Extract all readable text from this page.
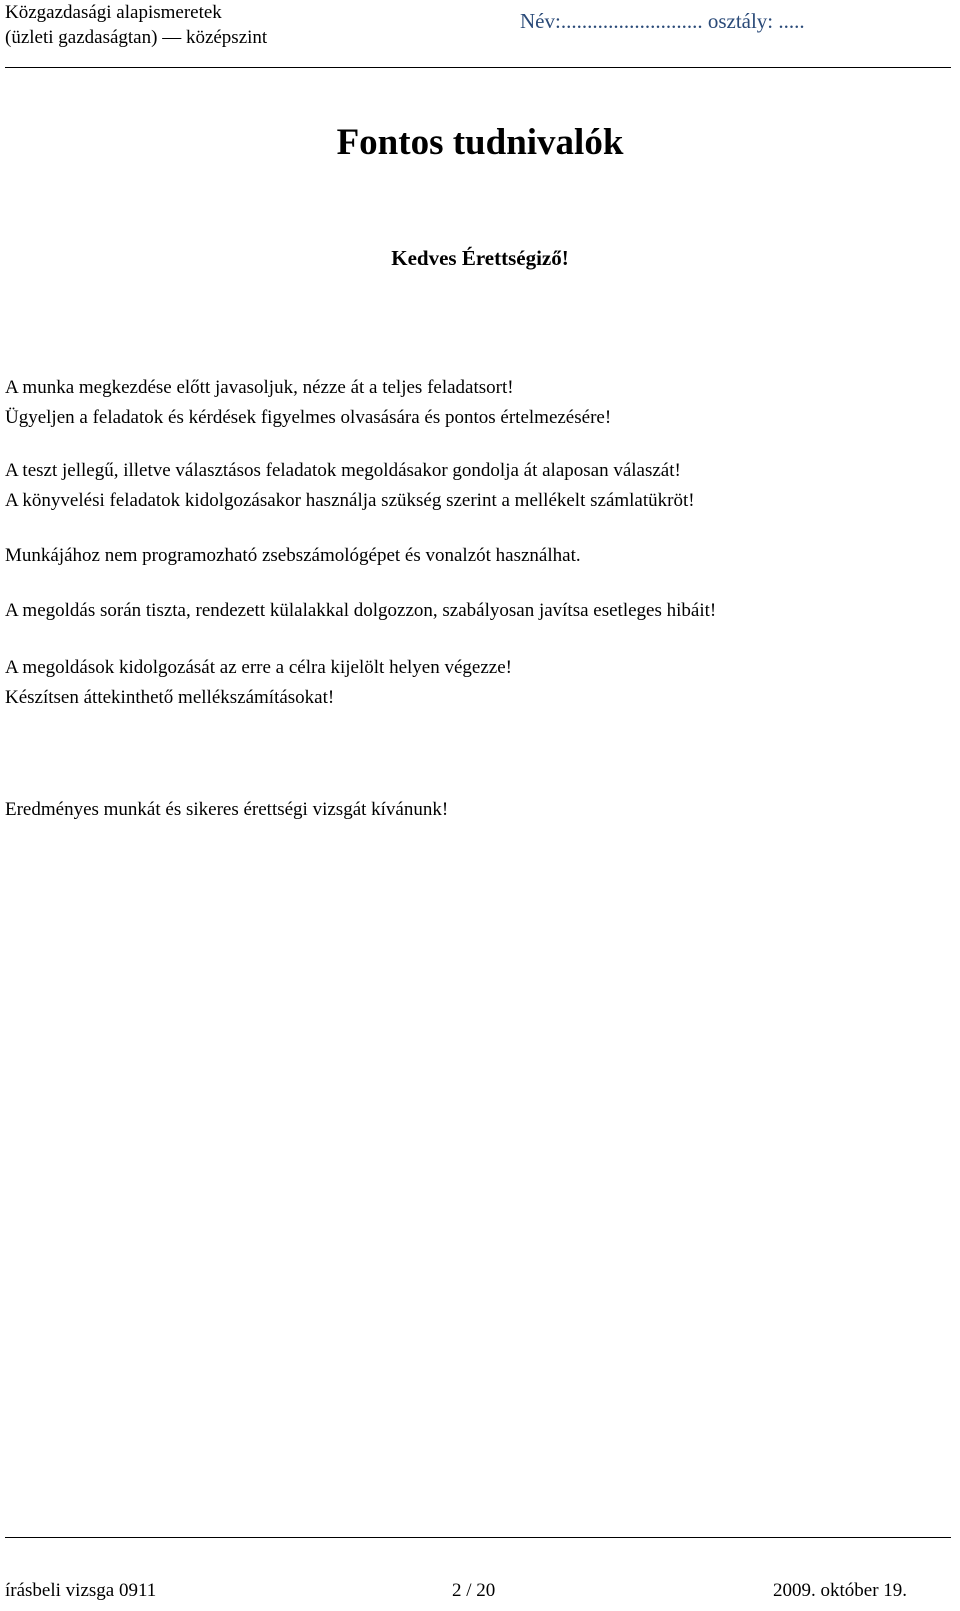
Közgazdasági alapismeretek
(üzleti gazdaságtan) — középszint
Név:........................... osztály: .....
Fontos tudnivalók
Kedves Érettségiző!
A munka megkezdése előtt javasoljuk, nézze át a teljes feladatsort!
Ügyeljen a feladatok és kérdések figyelmes olvasására és pontos értelmezésére!
A teszt jellegű, illetve választásos feladatok megoldásakor gondolja át alaposan válaszát!
A könyvelési feladatok kidolgozásakor használja szükség szerint a mellékelt számlatükröt!
Munkájához nem programozható zsebszámológépet és vonalzót használhat.
A megoldás során tiszta, rendezett külalakkal dolgozzon, szabályosan javítsa esetleges hibáit!
A megoldások kidolgozását az erre a célra kijelölt helyen végezze!
Készítsen áttekinthető mellékszámításokat!
Eredményes munkát és sikeres érettségi vizsgát kívánunk!
írásbeli vizsga 0911	2 / 20	2009. október 19.
